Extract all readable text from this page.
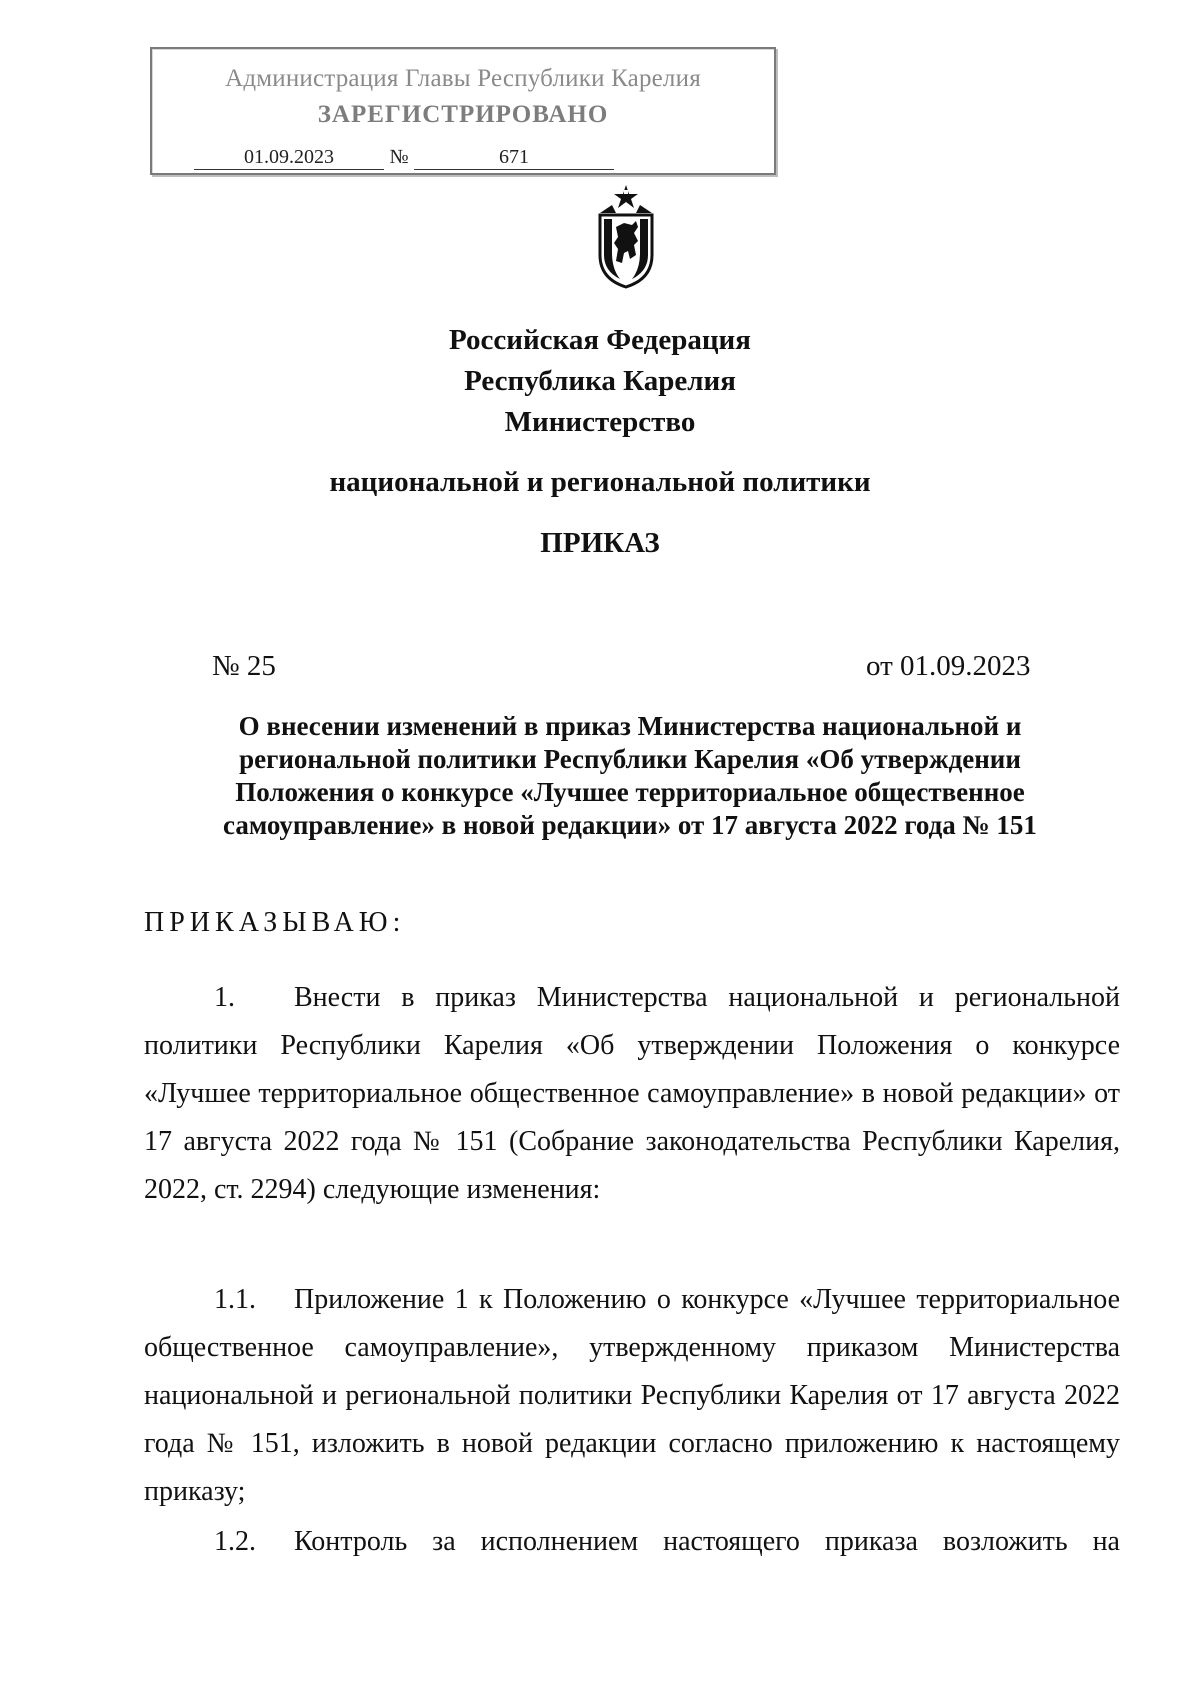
Администрация Главы Республики Карелия
ЗАРЕГИСТРИРОВАНО
01.09.2023	№	671
Российская Федерация
Республика Карелия
Министерство
национальной и региональной политики
ПРИКАЗ
№ 25	от 01.09.2023
О внесении изменений в приказ Министерства национальной и
региональной политики Республики Карелия «Об утверждении
Положения о конкурсе «Лучшее территориальное общественное
самоуправление» в новой редакции» от 17 августа 2022 года № 151
ПРИКАЗЫВАЮ:
1. Внести в приказ Министерства национальной и региональной политики Республики Карелия «Об утверждении Положения о конкурсе «Лучшее территориальное общественное самоуправление» в новой редакции» от 17 августа 2022 года № 151 (Собрание законодательства Республики Карелия, 2022, ст. 2294) следующие изменения:
1.1. Приложение 1 к Положению о конкурсе «Лучшее территориальное общественное самоуправление», утвержденному приказом Министерства национальной и региональной политики Республики Карелия от 17 августа 2022 года № 151, изложить в новой редакции согласно приложению к настоящему приказу;
1.2. Контроль за исполнением настоящего приказа возложить на
